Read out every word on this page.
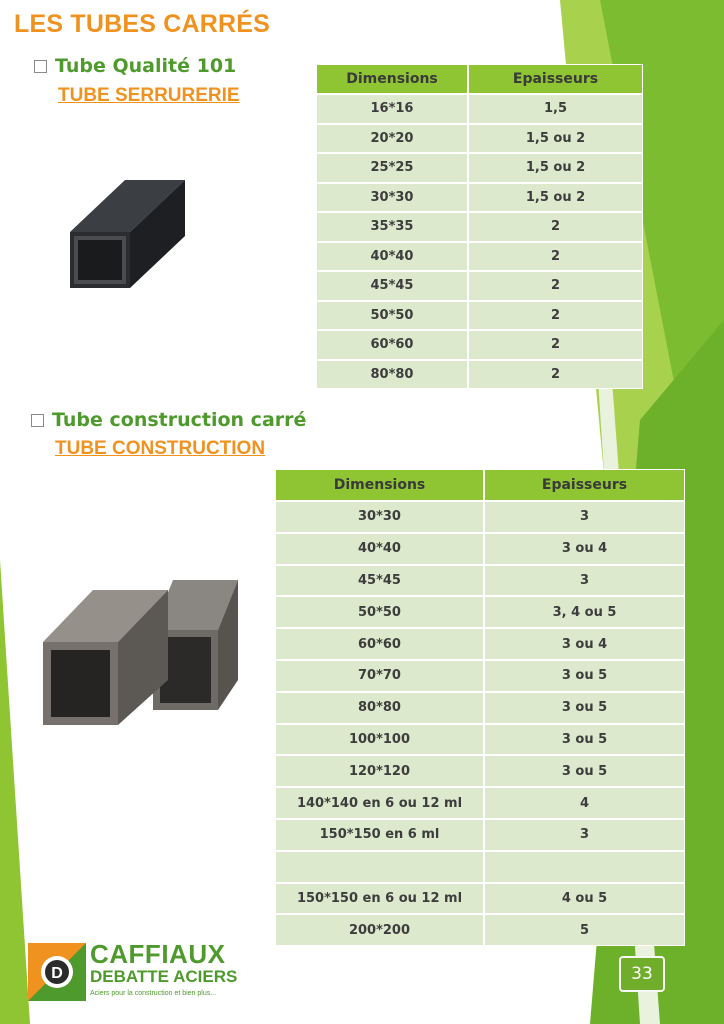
LES TUBES CARRÉS
Tube Qualité 101
TUBE SERRURERIE
Dimensions	Epaisseurs
16*16	1,5
20*20	1,5 ou 2
25*25	1,5 ou 2
30*30	1,5 ou 2
35*35	2
40*40	2
45*45	2
50*50	2
60*60	2
80*80	2
Tube construction carré
TUBE CONSTRUCTION
Dimensions	Epaisseurs
30*30	3
40*40	3 ou 4
45*45	3
50*50	3, 4 ou 5
60*60	3 ou 4
70*70	3 ou 5
80*80	3 ou 5
100*100	3 ou 5
120*120	3 ou 5
140*140 en 6 ou 12 ml	4
150*150 en 6 ml	3

150*150 en 6 ou 12 ml	4 ou 5
200*200	5
D
CAFFIAUX
DEBATTE ACIERS
Aciers pour la construction et bien plus...
33
